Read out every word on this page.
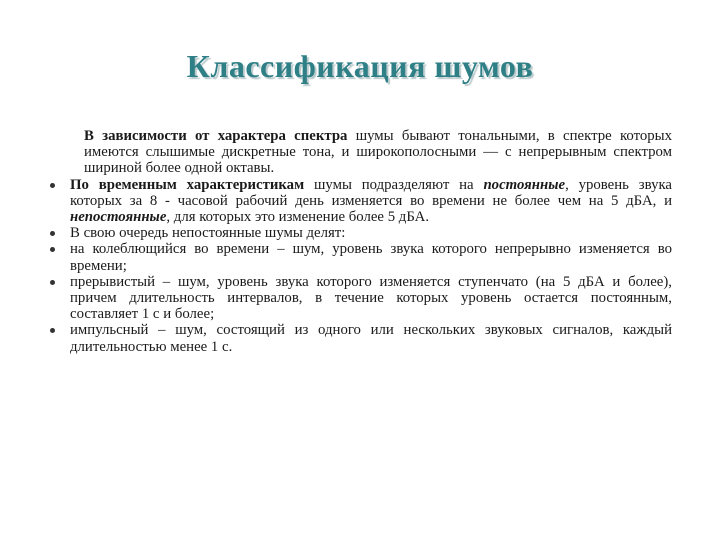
Классификация шумов

В зависимости от характера спектра шумы бывают тональными, в спектре которых имеются слышимые дискретные тона, и широкополосными — с непрерывным спектром шириной более одной октавы.

По временным характеристикам шумы подразделяют на постоянные, уровень звука которых за 8 - часовой рабочий день изменяется во времени не более чем на 5 дБА, и непостоянные, для которых это изменение более 5 дБА.

В свою очередь непостоянные шумы делят:

на колеблющийся во времени – шум, уровень звука которого непрерывно изменяется во времени;

прерывистый – шум, уровень звука которого изменяется ступенчато (на 5 дБА и более), причем длительность интервалов, в течение которых уровень остается постоянным, составляет 1 с и более;

импульсный – шум, состоящий из одного или нескольких звуковых сигналов, каждый длительностью менее 1 с.
